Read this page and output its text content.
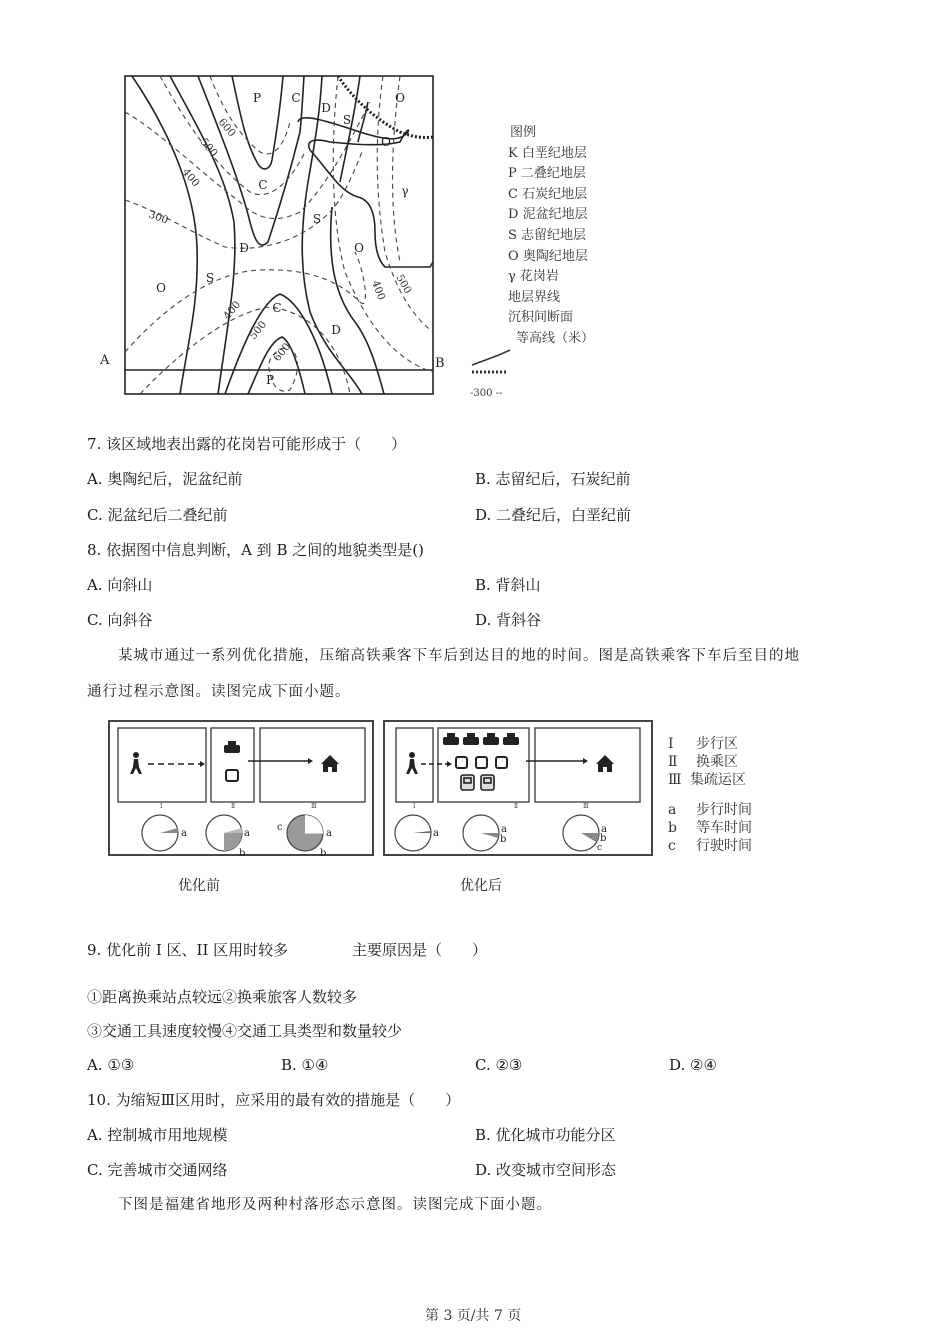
P	C
D
S
O
O
γ
C
S
O
D
S
O
C
D
P
600
500
400
300
400
500
600
400 500
A	B
图例
K 白垩纪地层
P 二叠纪地层
C 石炭纪地层
D 泥盆纪地层
S 志留纪地层
O 奥陶纪地层
γ 花岗岩
地层界线
沉积间断面
等高线（米）
-300 --
7. 该区域地表出露的花岗岩可能形成于（　　）
A. 奥陶纪后，泥盆纪前	B. 志留纪后，石炭纪前
C. 泥盆纪后二叠纪前	D. 二叠纪后，白垩纪前
8. 依据图中信息判断，A 到 B 之间的地貌类型是()
A. 向斜山	B. 背斜山
C. 向斜谷	D. 背斜谷
某城市通过一系列优化措施，压缩高铁乘客下车后到达目的地的时间。图是高铁乘客下车后至目的地
通行过程示意图。读图完成下面小题。
Ⅰ	Ⅱ	Ⅲ
a	a
b
c
a
b
Ⅰ	Ⅱ	Ⅲ
a	a
b
a
b
c
Ⅰ 步行区
Ⅱ 换乘区
Ⅲ 集疏运区
a 步行时间
b 等车时间
c 行驶时间
优化前	优化后
9. 优化前 I 区、II 区用时较多	主要原因是（　　）
①距离换乘站点较远②换乘旅客人数较多
③交通工具速度较慢④交通工具类型和数量较少
A. ①③	B. ①④	C. ②③	D. ②④
10. 为缩短Ⅲ区用时，应采用的最有效的措施是（　　）
A. 控制城市用地规模	B. 优化城市功能分区
C. 完善城市交通网络	D. 改变城市空间形态
下图是福建省地形及两种村落形态示意图。读图完成下面小题。
第 3 页/共 7 页
